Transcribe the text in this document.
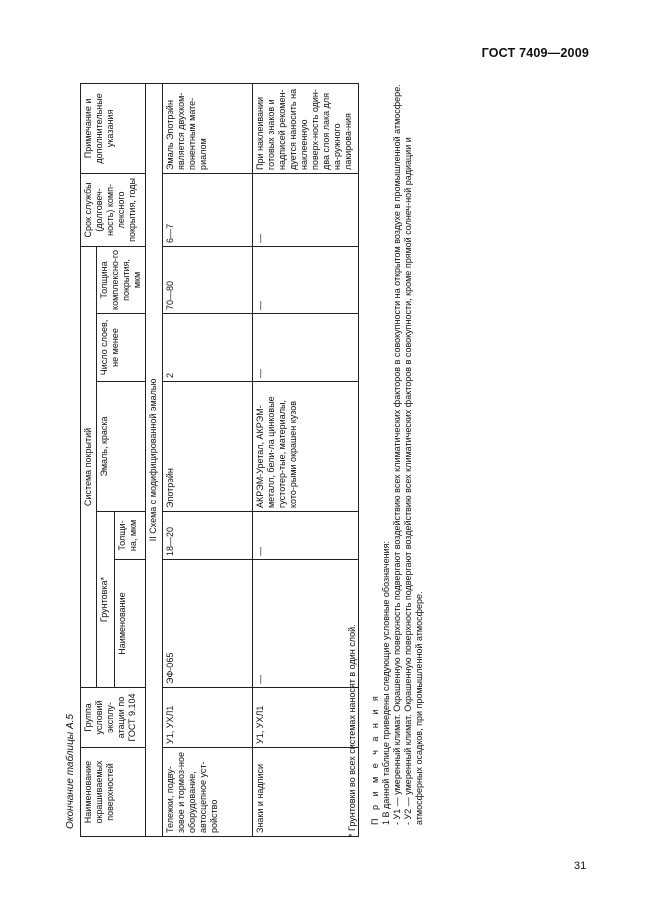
ГОСТ 7409—2009
Окончание таблицы А.5 Наименование окрашиваемых поверхностей	Группа условий эксплу-атации по ГОСТ 9.104	Система покрытий					Срок службы (долговеч-ность) комп-лексного покрытия, годы	Примечание и дополнительные указания
		Грунтовка*		Эмаль, краска	Число слоев, не менее	Толщина комплексно-го покрытия, мкм		
		Наименование	Толщи-на, мкм					
II Схема с модифицированной эмалью								
Тележки, подву-зовое и тормоз-ное оборудование, автосцепное уст-ройство	У1, УХЛ1	ЭФ-065	18—20	Эпотрэйн	2	70—80	6—7	Эмаль Эпотрэйн является двухком-понентным мате-риалом
Знаки и надписи	У1, УХЛ1	—	—	АКРЭМ-Уретал, АКРЭМ-металл, бели-ла цинковые густотер-тые, материалы, кото-рыми окрашен кузов	—	—	—	При наклеивании готовых знаков и надписей рекомен-дуется наносить на наклеенную поверх-ность один-два слоя лака для на-ружного лакирова-ния

* Грунтовки во всех системах наносят в один слой. П р и м е ч а н и я 1 В данной таблице приведены следующие условные обозначения: - У1 — умеренный климат. Окрашенную поверхность подвергают воздействию всех климатических факторов в совокупности на открытом воздухе в промышленной атмосфере. - У2 — умеренный климат. Окрашенную поверхность подвергают воздействию всех климатических факторов в совокупности, кроме прямой солнеч-ной радиации и атмосферных осадков, при промышленной атмосфере.

31
